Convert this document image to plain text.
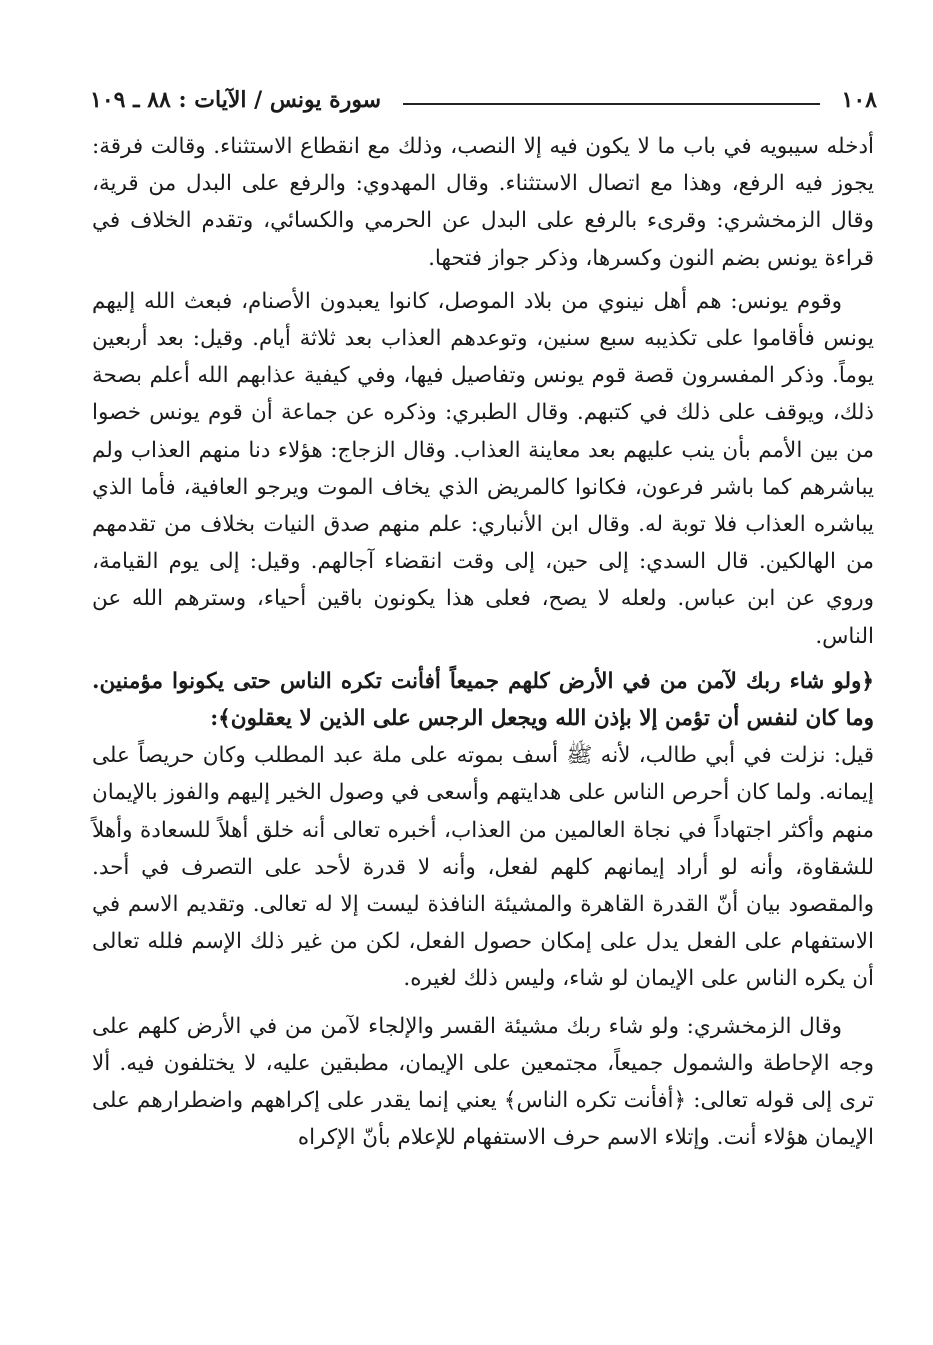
١٠٨
سورة يونس / الآيات : ٨٨ ـ ١٠٩

أدخله سيبويه في باب ما لا يكون فيه إلا النصب، وذلك مع انقطاع الاستثناء. وقالت فرقة: يجوز فيه الرفع، وهذا مع اتصال الاستثناء. وقال المهدوي: والرفع على البدل من قرية، وقال الزمخشري: وقرىء بالرفع على البدل عن الحرمي والكسائي، وتقدم الخلاف في قراءة يونس بضم النون وكسرها، وذكر جواز فتحها.

وقوم يونس: هم أهل نينوي من بلاد الموصل، كانوا يعبدون الأصنام، فبعث الله إليهم يونس فأقاموا على تكذيبه سبع سنين، وتوعدهم العذاب بعد ثلاثة أيام. وقيل: بعد أربعين يوماً. وذكر المفسرون قصة قوم يونس وتفاصيل فيها، وفي كيفية عذابهم الله أعلم بصحة ذلك، ويوقف على ذلك في كتبهم. وقال الطبري: وذكره عن جماعة أن قوم يونس خصوا من بين الأمم بأن ينب عليهم بعد معاينة العذاب. وقال الزجاج: هؤلاء دنا منهم العذاب ولم يباشرهم كما باشر فرعون، فكانوا كالمريض الذي يخاف الموت ويرجو العافية، فأما الذي يباشره العذاب فلا توبة له. وقال ابن الأنباري: علم منهم صدق النيات بخلاف من تقدمهم من الهالكين. قال السدي: إلى حين، إلى وقت انقضاء آجالهم. وقيل: إلى يوم القيامة، وروي عن ابن عباس. ولعله لا يصح، فعلى هذا يكونون باقين أحياء، وسترهم الله عن الناس.

﴿ولو شاء ربك لآمن من في الأرض كلهم جميعاً أفأنت تكره الناس حتى يكونوا مؤمنين. وما كان لنفس أن تؤمن إلا بإذن الله ويجعل الرجس على الذين لا يعقلون﴾:

قيل: نزلت في أبي طالب، لأنه ﷺ أسف بموته على ملة عبد المطلب وكان حريصاً على إيمانه. ولما كان أحرص الناس على هدايتهم وأسعى في وصول الخير إليهم والفوز بالإيمان منهم وأكثر اجتهاداً في نجاة العالمين من العذاب، أخبره تعالى أنه خلق أهلاً للسعادة وأهلاً للشقاوة، وأنه لو أراد إيمانهم كلهم لفعل، وأنه لا قدرة لأحد على التصرف في أحد. والمقصود بيان أنّ القدرة القاهرة والمشيئة النافذة ليست إلا له تعالى. وتقديم الاسم في الاستفهام على الفعل يدل على إمكان حصول الفعل، لكن من غير ذلك الإسم فلله تعالى أن يكره الناس على الإيمان لو شاء، وليس ذلك لغيره.

وقال الزمخشري: ولو شاء ربك مشيئة القسر والإلجاء لآمن من في الأرض كلهم على وجه الإحاطة والشمول جميعاً، مجتمعين على الإيمان، مطبقين عليه، لا يختلفون فيه. ألا ترى إلى قوله تعالى: ﴿أفأنت تكره الناس﴾ يعني إنما يقدر على إكراههم واضطرارهم على الإيمان هؤلاء أنت. وإتلاء الاسم حرف الاستفهام للإعلام بأنّ الإكراه
